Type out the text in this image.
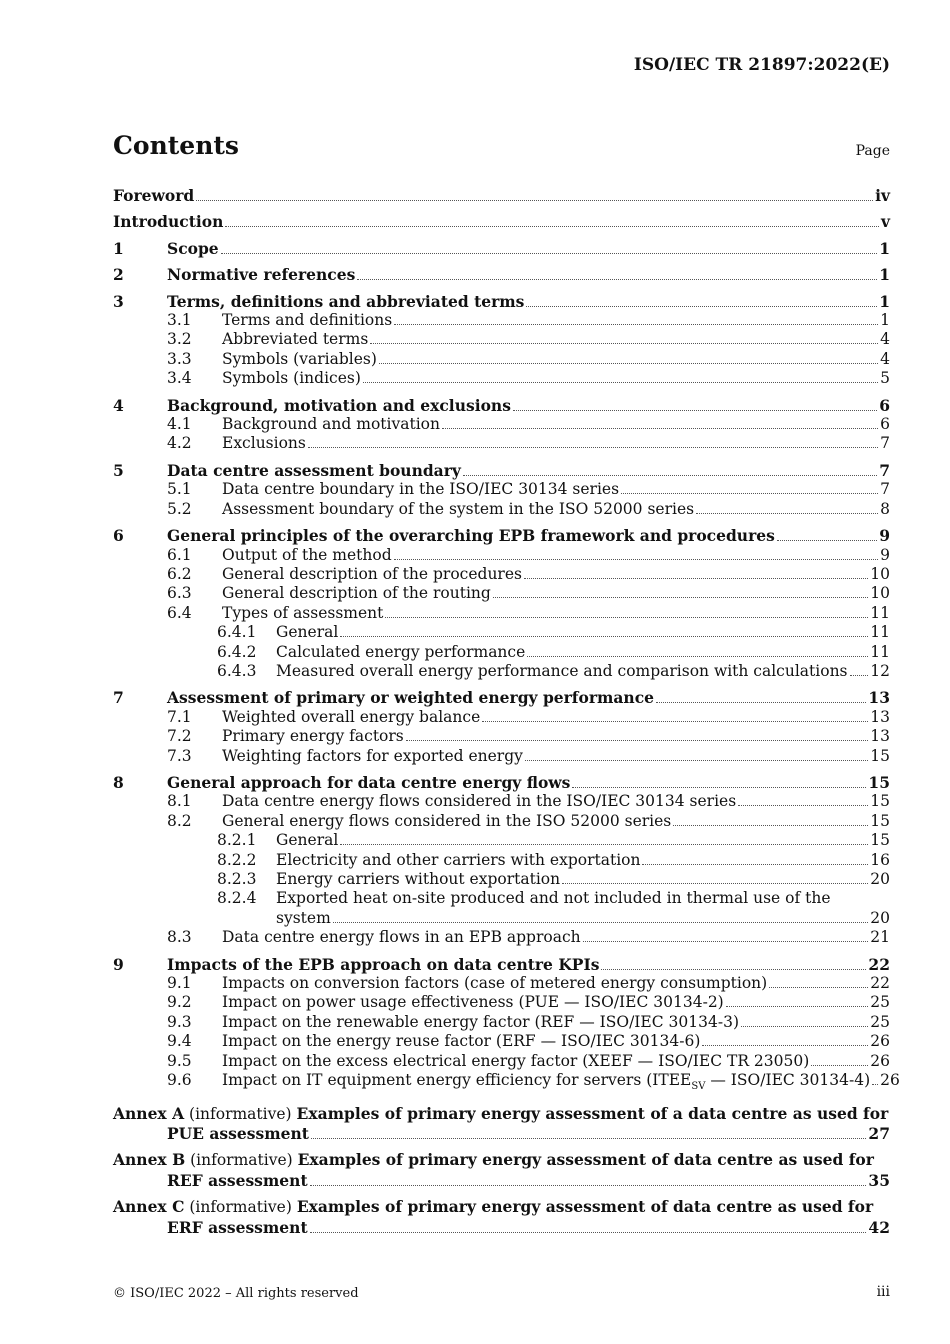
ISO/IEC TR 21897:2022(E)
Contents	Page
Foreword	iv
Introduction	v
1	Scope	1
2	Normative references	1
3	Terms, definitions and abbreviated terms	1
3.1	Terms and definitions	1
3.2	Abbreviated terms	4
3.3	Symbols (variables)	4
3.4	Symbols (indices)	5
4	Background, motivation and exclusions	6
4.1	Background and motivation	6
4.2	Exclusions	7
5	Data centre assessment boundary	7
5.1	Data centre boundary in the ISO/IEC 30134 series	7
5.2	Assessment boundary of the system in the ISO 52000 series	8
6	General principles of the overarching EPB framework and procedures	9
6.1	Output of the method	9
6.2	General description of the procedures	10
6.3	General description of the routing	10
6.4	Types of assessment	11
6.4.1	General	11
6.4.2	Calculated energy performance	11
6.4.3	Measured overall energy performance and comparison with calculations 12
7	Assessment of primary or weighted energy performance	13
7.1	Weighted overall energy balance	13
7.2	Primary energy factors	13
7.3	Weighting factors for exported energy	15
8	General approach for data centre energy flows	15
8.1	Data centre energy flows considered in the ISO/IEC 30134 series	15
8.2	General energy flows considered in the ISO 52000 series	15
8.2.1	General	15
8.2.2	Electricity and other carriers with exportation	16
8.2.3	Energy carriers without exportation	20
8.2.4	Exported heat on-site produced and not included in thermal use of the
system	20
8.3	Data centre energy flows in an EPB approach	21
9	Impacts of the EPB approach on data centre KPIs	22
9.1	Impacts on conversion factors (case of metered energy consumption)	22
9.2	Impact on power usage effectiveness (PUE — ISO/IEC 30134-2)	25
9.3	Impact on the renewable energy factor (REF — ISO/IEC 30134-3)	25
9.4	Impact on the energy reuse factor (ERF — ISO/IEC 30134-6)	26
9.5	Impact on the excess electrical energy factor (XEEF — ISO/IEC TR 23050)	26
9.6	Impact on IT equipment energy efficiency for servers ($ITEE_{SV}$ — ISO/IEC 30134-4) 26
Annex A (informative) Examples of primary energy assessment of a data centre as used for
PUE assessment	27
Annex B (informative) Examples of primary energy assessment of data centre as used for
REF assessment	35
Annex C (informative) Examples of primary energy assessment of data centre as used for
ERF assessment	42
© ISO/IEC 2022 – All rights reserved	iii
